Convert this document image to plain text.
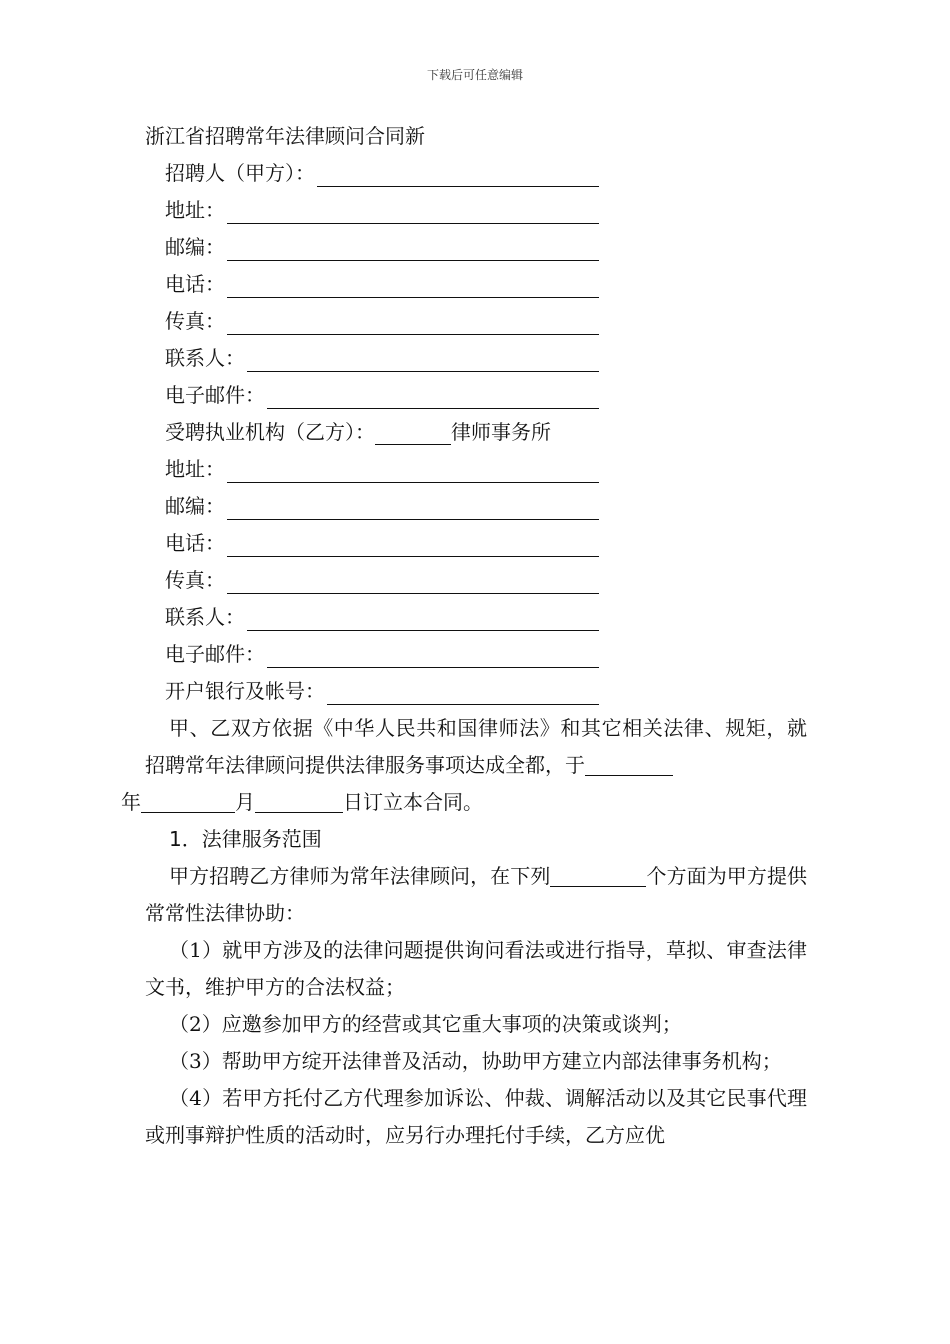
下载后可任意编辑
浙江省招聘常年法律顾问合同新
招聘人（甲方）：
地址：
邮编：
电话：
传真：
联系人：
电子邮件：
受聘执业机构（乙方）：	律师事务所
地址：
邮编：
电话：
传真：
联系人：
电子邮件：
开户银行及帐号：
甲、乙双方依据《中华人民共和国律师法》和其它相关法律、规矩，就招聘常年法律顾问提供法律服务事项达成全都，于
年	月	日订立本合同。
1．法律服务范围
甲方招聘乙方律师为常年法律顾问，在下列	个方面为甲方提供常常性法律协助：
（1）就甲方涉及的法律问题提供询问看法或进行指导，草拟、审查法律文书，维护甲方的合法权益；
（2）应邀参加甲方的经营或其它重大事项的决策或谈判；
（3）帮助甲方绽开法律普及活动，协助甲方建立内部法律事务机构；
（4）若甲方托付乙方代理参加诉讼、仲裁、调解活动以及其它民事代理或刑事辩护性质的活动时，应另行办理托付手续，乙方应优
